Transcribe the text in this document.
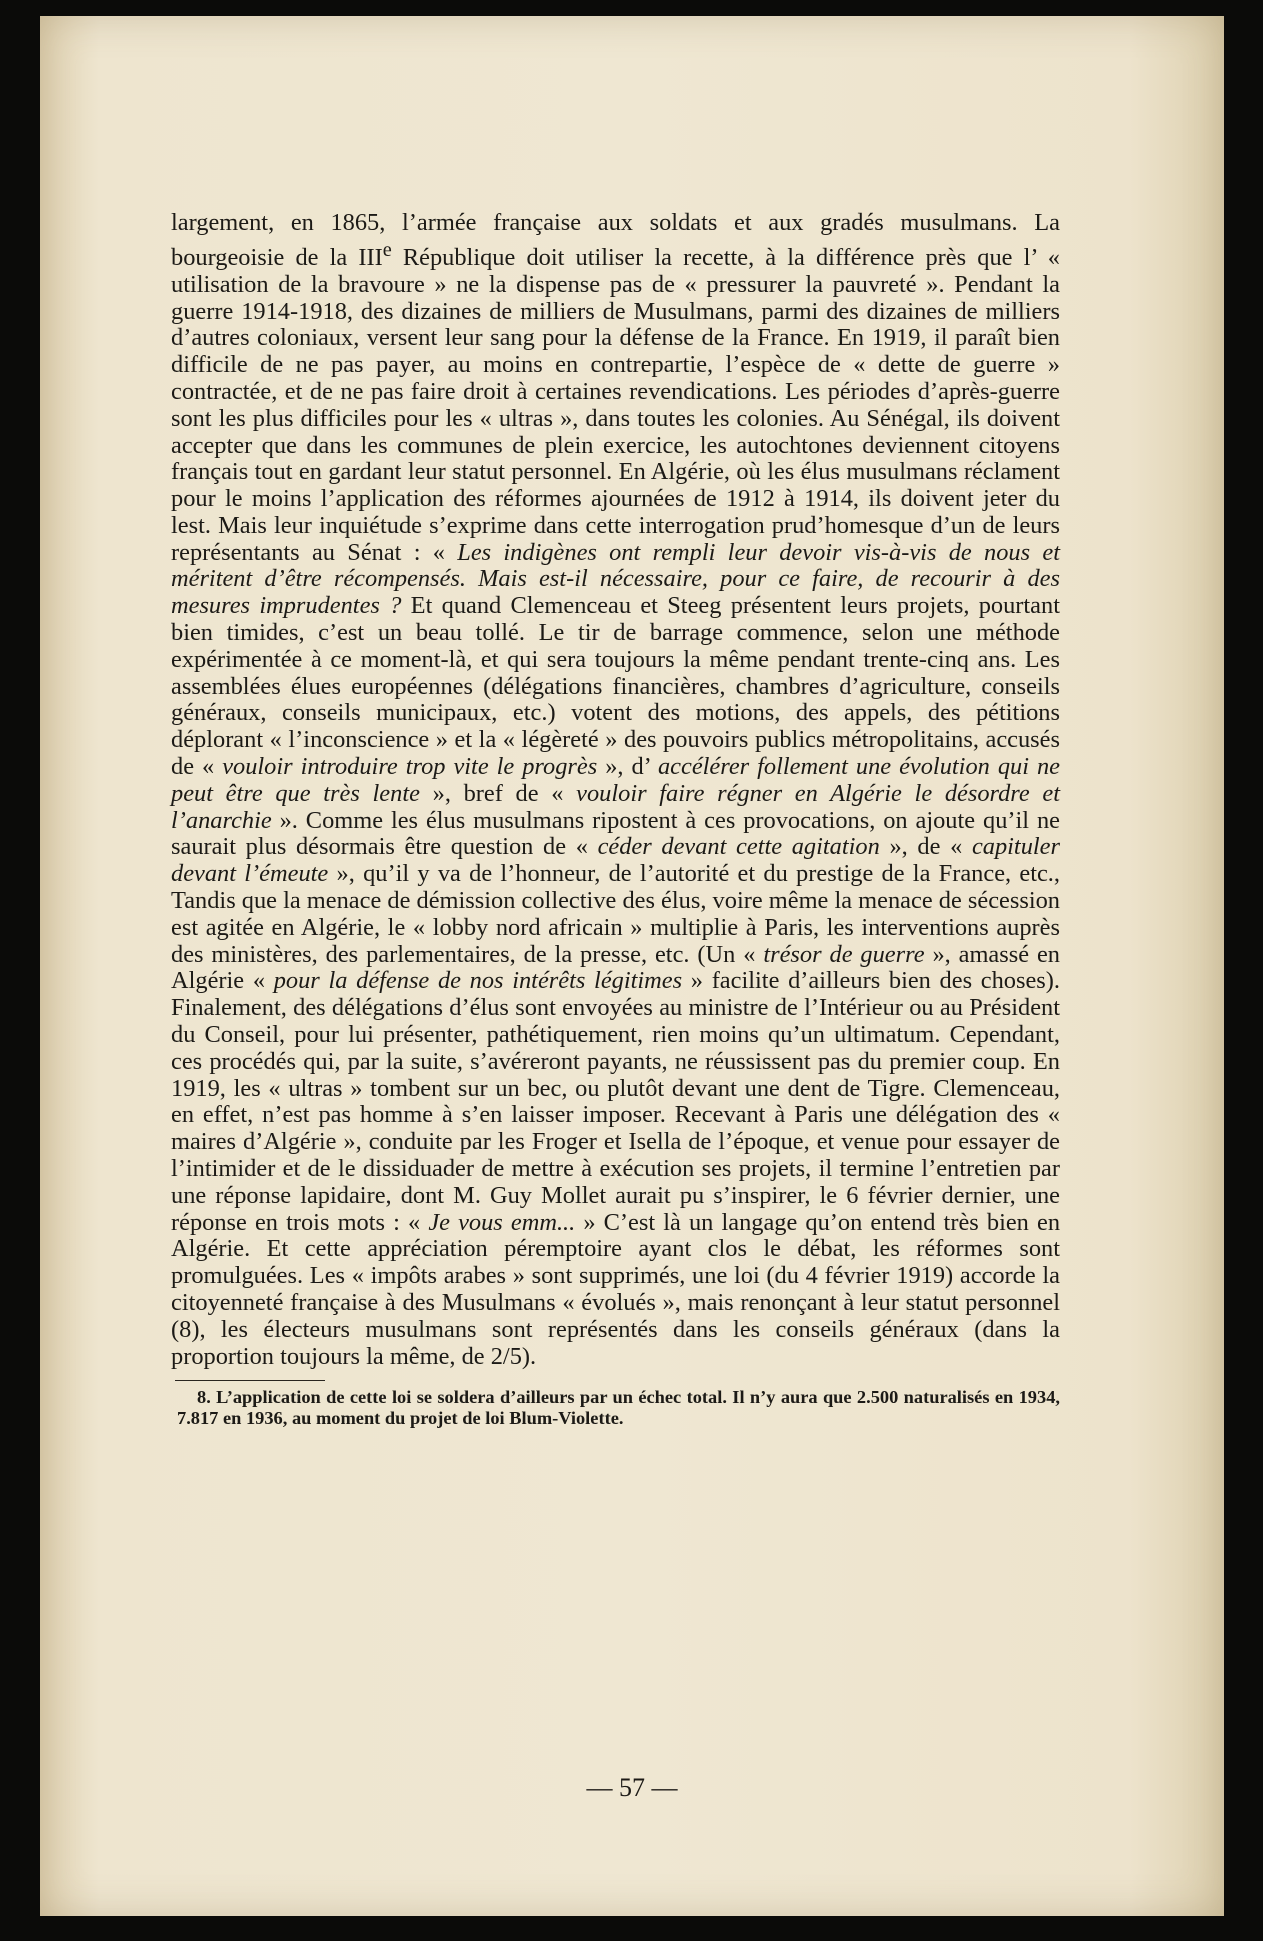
largement, en 1865, l’armée française aux soldats et aux gradés musulmans. La bourgeoisie de la IIIe République doit utiliser la recette, à la différence près que l’ « utilisation de la bravoure » ne la dispense pas de « pressurer la pauvreté ». Pendant la guerre 1914-1918, des dizaines de milliers de Musulmans, parmi des dizaines de milliers d’autres coloniaux, versent leur sang pour la défense de la France. En 1919, il paraît bien difficile de ne pas payer, au moins en contrepartie, l’espèce de « dette de guerre » contractée, et de ne pas faire droit à certaines revendications. Les périodes d’après-guerre sont les plus difficiles pour les « ultras », dans toutes les colonies. Au Sénégal, ils doivent accepter que dans les communes de plein exercice, les autochtones deviennent citoyens français tout en gardant leur statut personnel. En Algérie, où les élus musulmans réclament pour le moins l’application des réformes ajournées de 1912 à 1914, ils doivent jeter du lest. Mais leur inquiétude s’exprime dans cette interrogation prud’homesque d’un de leurs représentants au Sénat : « Les indigènes ont rempli leur devoir vis-à-vis de nous et méritent d’être récompensés. Mais est-il nécessaire, pour ce faire, de recourir à des mesures imprudentes ? Et quand Clemenceau et Steeg présentent leurs projets, pourtant bien timides, c’est un beau tollé. Le tir de barrage commence, selon une méthode expérimentée à ce moment-là, et qui sera toujours la même pendant trente-cinq ans. Les assemblées élues européennes (délégations financières, chambres d’agriculture, conseils généraux, conseils municipaux, etc.) votent des motions, des appels, des pétitions déplorant « l’inconscience » et la « légèreté » des pouvoirs publics métropolitains, accusés de « vouloir introduire trop vite le progrès », d’ accélérer follement une évolution qui ne peut être que très lente », bref de « vouloir faire régner en Algérie le désordre et l’anarchie ». Comme les élus musulmans ripostent à ces provocations, on ajoute qu’il ne saurait plus désormais être question de « céder devant cette agitation », de « capituler devant l’émeute », qu’il y va de l’honneur, de l’autorité et du prestige de la France, etc., Tandis que la menace de démission collective des élus, voire même la menace de sécession est agitée en Algérie, le « lobby nord africain » multiplie à Paris, les interventions auprès des ministères, des parlementaires, de la presse, etc. (Un « trésor de guerre », amassé en Algérie « pour la défense de nos intérêts légitimes » facilite d’ailleurs bien des choses). Finalement, des délégations d’élus sont envoyées au ministre de l’Intérieur ou au Président du Conseil, pour lui présenter, pathétiquement, rien moins qu’un ultimatum. Cependant, ces procédés qui, par la suite, s’avéreront payants, ne réussissent pas du premier coup. En 1919, les « ultras » tombent sur un bec, ou plutôt devant une dent de Tigre. Clemenceau, en effet, n’est pas homme à s’en laisser imposer. Recevant à Paris une délégation des « maires d’Algérie », conduite par les Froger et Isella de l’époque, et venue pour essayer de l’intimider et de le dissiduader de mettre à exécution ses projets, il termine l’entretien par une réponse lapidaire, dont M. Guy Mollet aurait pu s’inspirer, le 6 février dernier, une réponse en trois mots : « Je vous emm... » C’est là un langage qu’on entend très bien en Algérie. Et cette appréciation péremptoire ayant clos le débat, les réformes sont promulguées. Les « impôts arabes » sont supprimés, une loi (du 4 février 1919) accorde la citoyenneté française à des Musulmans « évolués », mais renonçant à leur statut personnel (8), les électeurs musulmans sont représentés dans les conseils généraux (dans la proportion toujours la même, de 2/5).

8. L’application de cette loi se soldera d’ailleurs par un échec total. Il n’y aura que 2.500 naturalisés en 1934, 7.817 en 1936, au moment du projet de loi Blum-Violette.

— 57 —
